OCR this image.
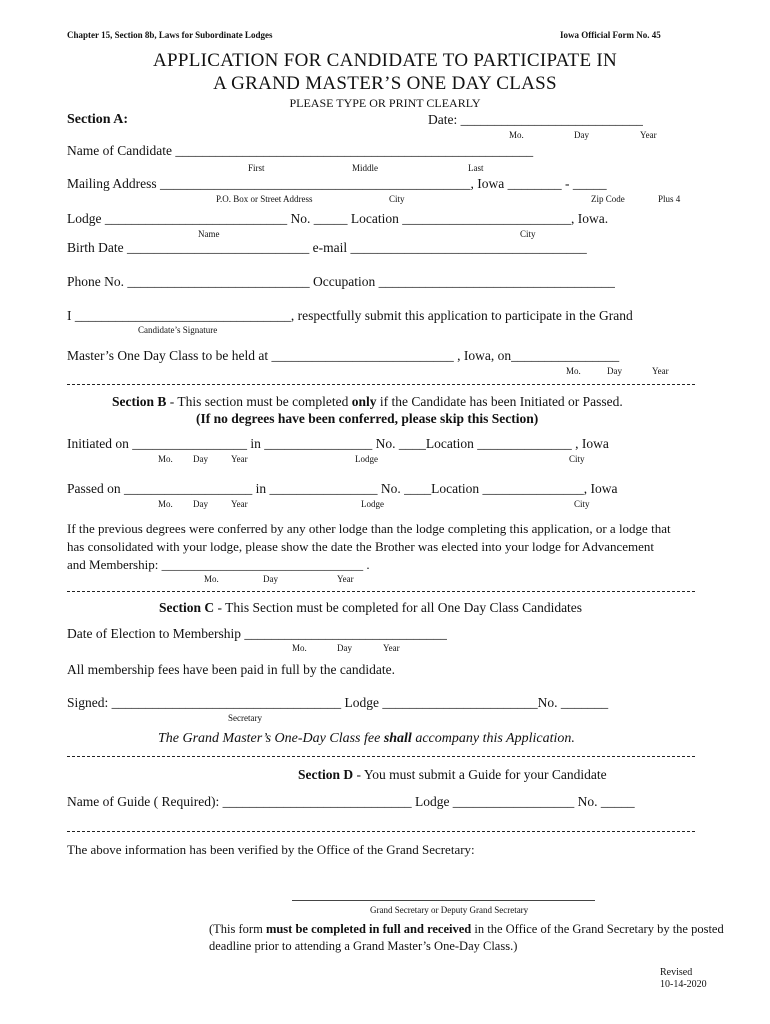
Chapter 15, Section 8b, Laws for Subordinate Lodges	Iowa Official Form No. 45
APPLICATION FOR CANDIDATE TO PARTICIPATE IN
A GRAND MASTER’S ONE DAY CLASS
PLEASE TYPE OR PRINT CLEARLY
Section A:	Date: ___________________________
Mo.	Day	Year
Name of Candidate _____________________________________________________
First	Middle	Last
Mailing Address ______________________________________________, Iowa ________ - _____
P.O. Box or Street Address	City	Zip Code	Plus 4
Lodge ___________________________ No. _____ Location _________________________, Iowa.
Name	City
Birth Date ___________________________ e-mail ___________________________________
Phone No. ___________________________ Occupation ___________________________________
I ________________________________, respectfully submit this application to participate in the Grand
Candidate’s Signature
Master’s One Day Class to be held at ___________________________ , Iowa, on________________
Mo.	Day	Year
Section B - This section must be completed only if the Candidate has been Initiated or Passed.
(If no degrees have been conferred, please skip this Section)
Initiated on _________________ in ________________ No. ____Location ______________ , Iowa
Mo. Day	Year	Lodge	City
Passed on ___________________ in ________________ No. ____Location _______________, Iowa
Mo. Day	Year	Lodge	City
If the previous degrees were conferred by any other lodge than the lodge completing this application, or a lodge that
has consolidated with your lodge, please show the date the Brother was elected into your lodge for Advancement
and Membership: _______________________________ .
Mo.	Day	Year
Section C - This Section must be completed for all One Day Class Candidates
Date of Election to Membership ______________________________
Mo.	Day	Year
All membership fees have been paid in full by the candidate.
Signed: __________________________________ Lodge _______________________No. _______
Secretary
The Grand Master’s One-Day Class fee shall accompany this Application.
Section D - You must submit a Guide for your Candidate
Name of Guide ( Required): ____________________________ Lodge __________________ No. _____
The above information has been verified by the Office of the Grand Secretary:
Grand Secretary or Deputy Grand Secretary
(This form must be completed in full and received in the Office of the Grand Secretary by the posted
deadline prior to attending a Grand Master’s One-Day Class.)
Revised
10-14-2020
